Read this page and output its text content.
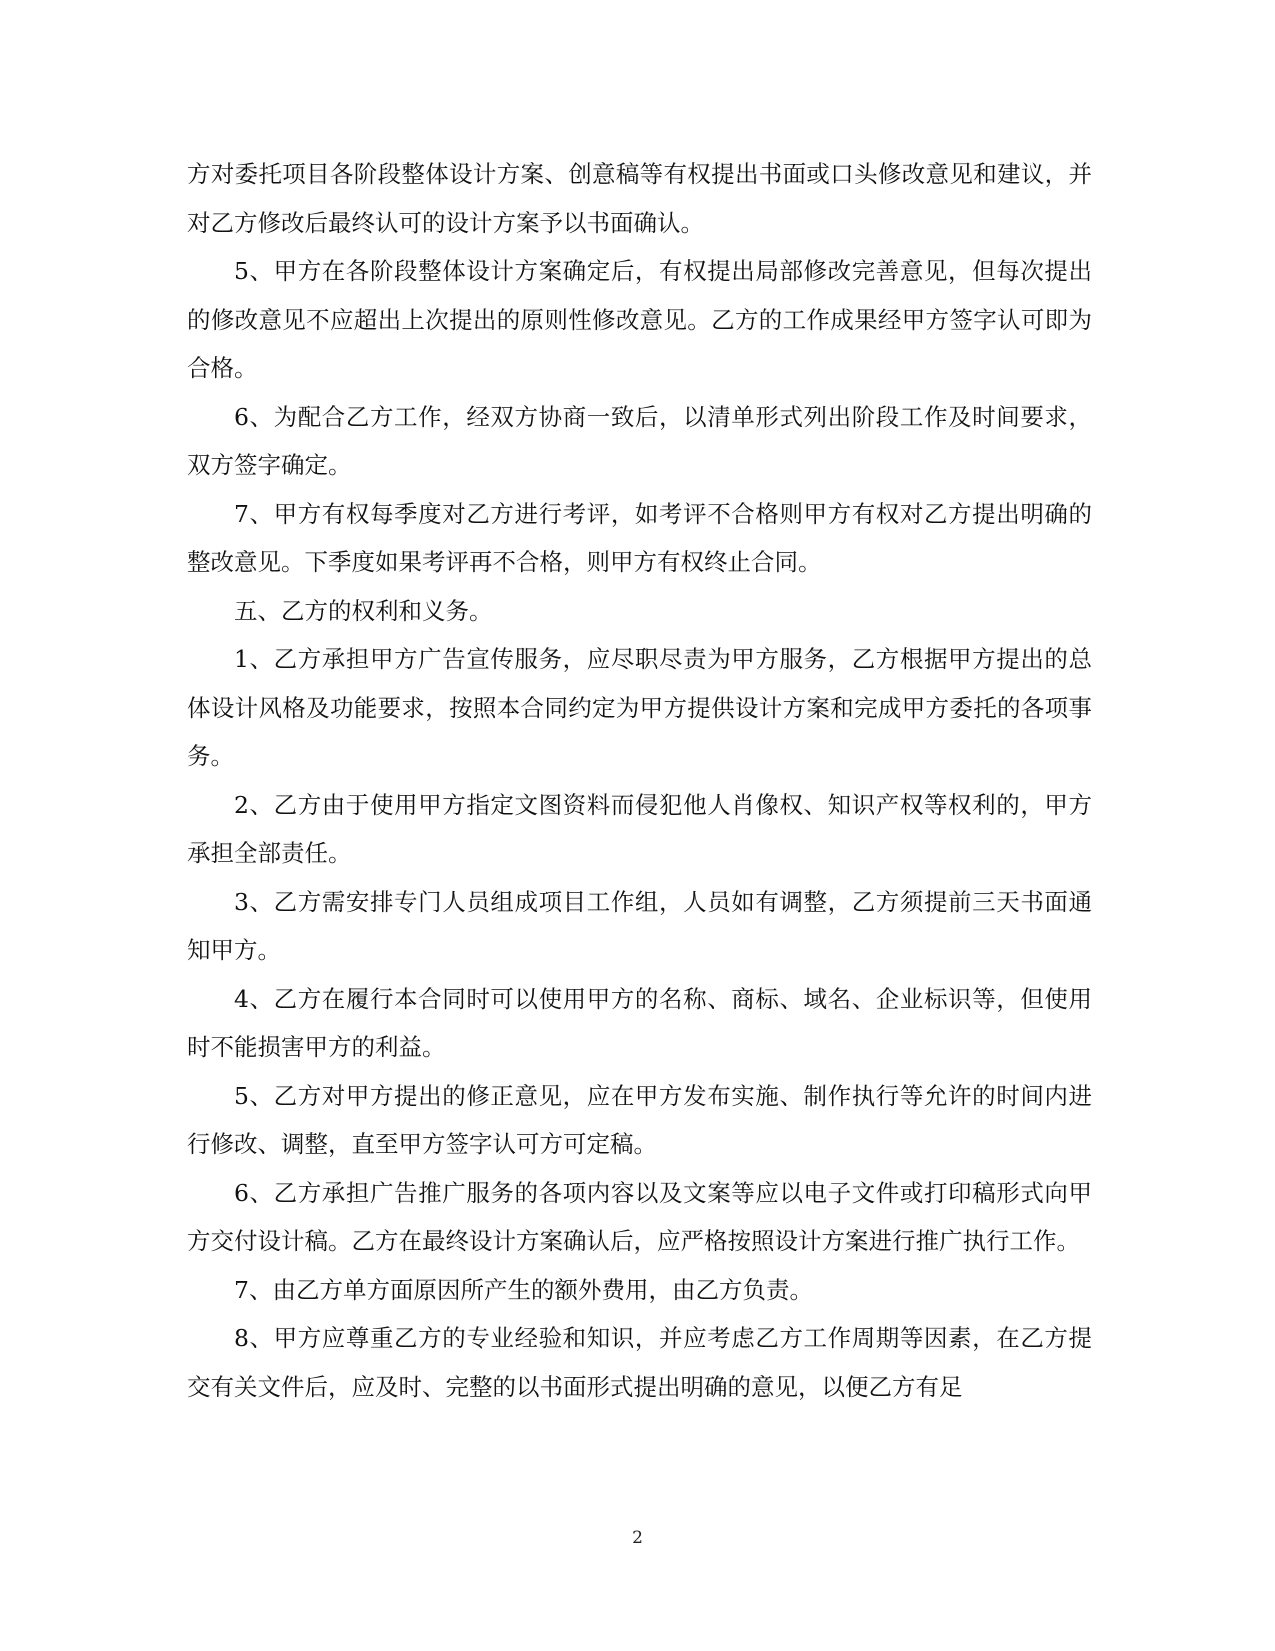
方对委托项目各阶段整体设计方案、创意稿等有权提出书面或口头修改意见和建议，并对乙方修改后最终认可的设计方案予以书面确认。

5、甲方在各阶段整体设计方案确定后，有权提出局部修改完善意见，但每次提出的修改意见不应超出上次提出的原则性修改意见。乙方的工作成果经甲方签字认可即为合格。

6、为配合乙方工作，经双方协商一致后，以清单形式列出阶段工作及时间要求，双方签字确定。

7、甲方有权每季度对乙方进行考评，如考评不合格则甲方有权对乙方提出明确的整改意见。下季度如果考评再不合格，则甲方有权终止合同。

五、乙方的权利和义务。

1、乙方承担甲方广告宣传服务，应尽职尽责为甲方服务，乙方根据甲方提出的总体设计风格及功能要求，按照本合同约定为甲方提供设计方案和完成甲方委托的各项事务。

2、乙方由于使用甲方指定文图资料而侵犯他人肖像权、知识产权等权利的，甲方承担全部责任。

3、乙方需安排专门人员组成项目工作组，人员如有调整，乙方须提前三天书面通知甲方。

4、乙方在履行本合同时可以使用甲方的名称、商标、域名、企业标识等，但使用时不能损害甲方的利益。

5、乙方对甲方提出的修正意见，应在甲方发布实施、制作执行等允许的时间内进行修改、调整，直至甲方签字认可方可定稿。

6、乙方承担广告推广服务的各项内容以及文案等应以电子文件或打印稿形式向甲方交付设计稿。乙方在最终设计方案确认后，应严格按照设计方案进行推广执行工作。

7、由乙方单方面原因所产生的额外费用，由乙方负责。

8、甲方应尊重乙方的专业经验和知识，并应考虑乙方工作周期等因素，在乙方提交有关文件后，应及时、完整的以书面形式提出明确的意见，以便乙方有足

2
